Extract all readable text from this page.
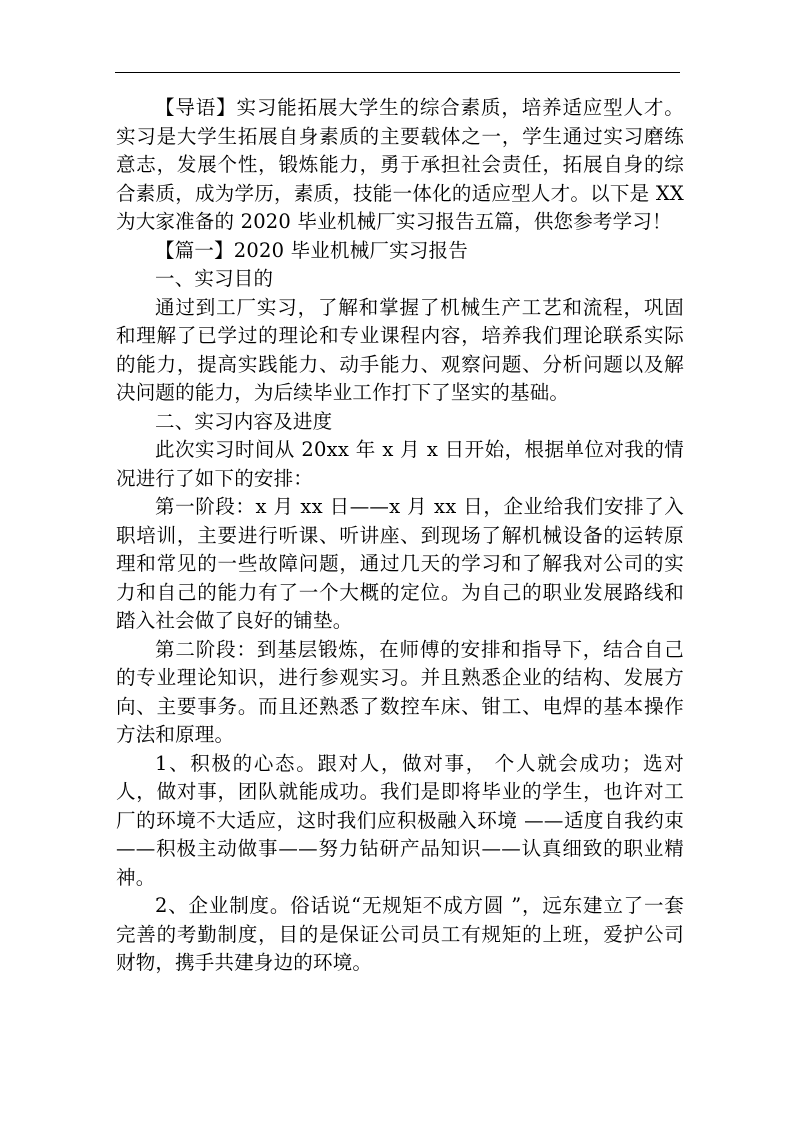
【导语】实习能拓展大学生的综合素质，培养适应型人才。实习是大学生拓展自身素质的主要载体之一，学生通过实习磨练意志，发展个性，锻炼能力，勇于承担社会责任，拓展自身的综合素质，成为学历，素质，技能一体化的适应型人才。以下是 XX 为大家准备的 2020 毕业机械厂实习报告五篇，供您参考学习！

【篇一】2020 毕业机械厂实习报告

一、实习目的

通过到工厂实习，了解和掌握了机械生产工艺和流程，巩固和理解了已学过的理论和专业课程内容，培养我们理论联系实际的能力，提高实践能力、动手能力、观察问题、分析问题以及解决问题的能力，为后续毕业工作打下了坚实的基础。

二、实习内容及进度

此次实习时间从 20xx 年 x 月 x 日开始，根据单位对我的情况进行了如下的安排：

第一阶段：x 月 xx 日——x 月 xx 日，企业给我们安排了入职培训，主要进行听课、听讲座、到现场了解机械设备的运转原理和常见的一些故障问题，通过几天的学习和了解我对公司的实力和自己的能力有了一个大概的定位。为自己的职业发展路线和踏入社会做了良好的铺垫。

第二阶段：到基层锻炼，在师傅的安排和指导下，结合自己的专业理论知识，进行参观实习。并且熟悉企业的结构、发展方向、主要事务。而且还熟悉了数控车床、钳工、电焊的基本操作方法和原理。

1、积极的心态。跟对人，做对事， 个人就会成功；选对人，做对事，团队就能成功。我们是即将毕业的学生，也许对工厂的环境不大适应，这时我们应积极融入环境 ——适度自我约束——积极主动做事——努力钻研产品知识——认真细致的职业精神。

2、企业制度。俗话说“无规矩不成方圆 ”，远东建立了一套完善的考勤制度，目的是保证公司员工有规矩的上班，爱护公司财物，携手共建身边的环境。
